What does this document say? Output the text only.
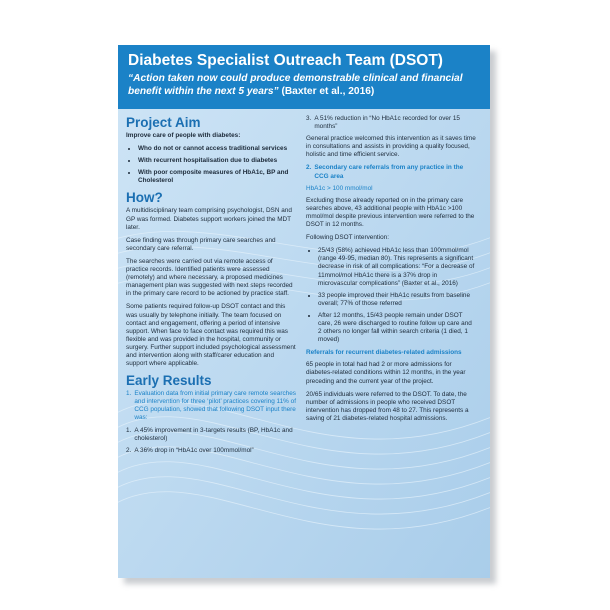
Diabetes Specialist Outreach Team (DSOT)
“Action taken now could produce demonstrable clinical and financial benefit within the next 5 years” (Baxter et al., 2016)
Project Aim

Improve care of people with diabetes:

• Who do not or cannot access traditional services
• With recurrent hospitalisation due to diabetes
• With poor composite measures of HbA1c, BP and Cholesterol
How?

A multidisciplinary team comprising psychologist, DSN and GP was formed. Diabetes support workers joined the MDT later.

Case finding was through primary care searches and secondary care referral.

The searches were carried out via remote access of practice records. Identified patients were assessed (remotely) and where necessary, a proposed medicines management plan was suggested with next steps recorded in the primary care record to be actioned by practice staff.

Some patients required follow-up DSOT contact and this was usually by telephone initially. The team focused on contact and engagement, offering a period of intensive support. When face to face contact was required this was flexible and was provided in the hospital, community or surgery. Further support included psychological assessment and intervention along with staff/carer education and support where applicable.

Early Results
1. Evaluation data from initial primary care remote searches and intervention for three ‘pilot’ practices covering 11% of CCG population, showed that following DSOT input there was:
1. A 45% improvement in 3-targets results (BP, HbA1c and cholesterol)
2. A 36% drop in “HbA1c over 100mmol/mol”
3. A 51% reduction in “No HbA1c recorded for over 15 months”

General practice welcomed this intervention as it saves time in consultations and assists in providing a quality focused, holistic and time efficient service.

2. Secondary care referrals from any practice in the CCG area

HbA1c > 100 mmol/mol

Excluding those already reported on in the primary care searches above, 43 additional people with HbA1c >100 mmol/mol despite previous intervention were referred to the DSOT in 12 months.

Following DSOT intervention:

• 25/43 (58%) achieved HbA1c less than 100mmol/mol (range 49-95, median 80). This represents a significant decrease in risk of all complications: “For a decrease of 11mmol/mol HbA1c there is a 37% drop in microvascular complications” (Baxter et al., 2016)
• 33 people improved their HbA1c results from baseline overall; 77% of those referred
• After 12 months, 15/43 people remain under DSOT care, 26 were discharged to routine follow up care and 2 others no longer fall within search criteria (1 died, 1 moved)

Referrals for recurrent diabetes-related admissions

65 people in total had had 2 or more admissions for diabetes-related conditions within 12 months, in the year preceding and the current year of the project.

20/65 individuals were referred to the DSOT. To date, the number of admissions in people who received DSOT intervention has dropped from 48 to 27. This represents a saving of 21 diabetes-related hospital admissions.
